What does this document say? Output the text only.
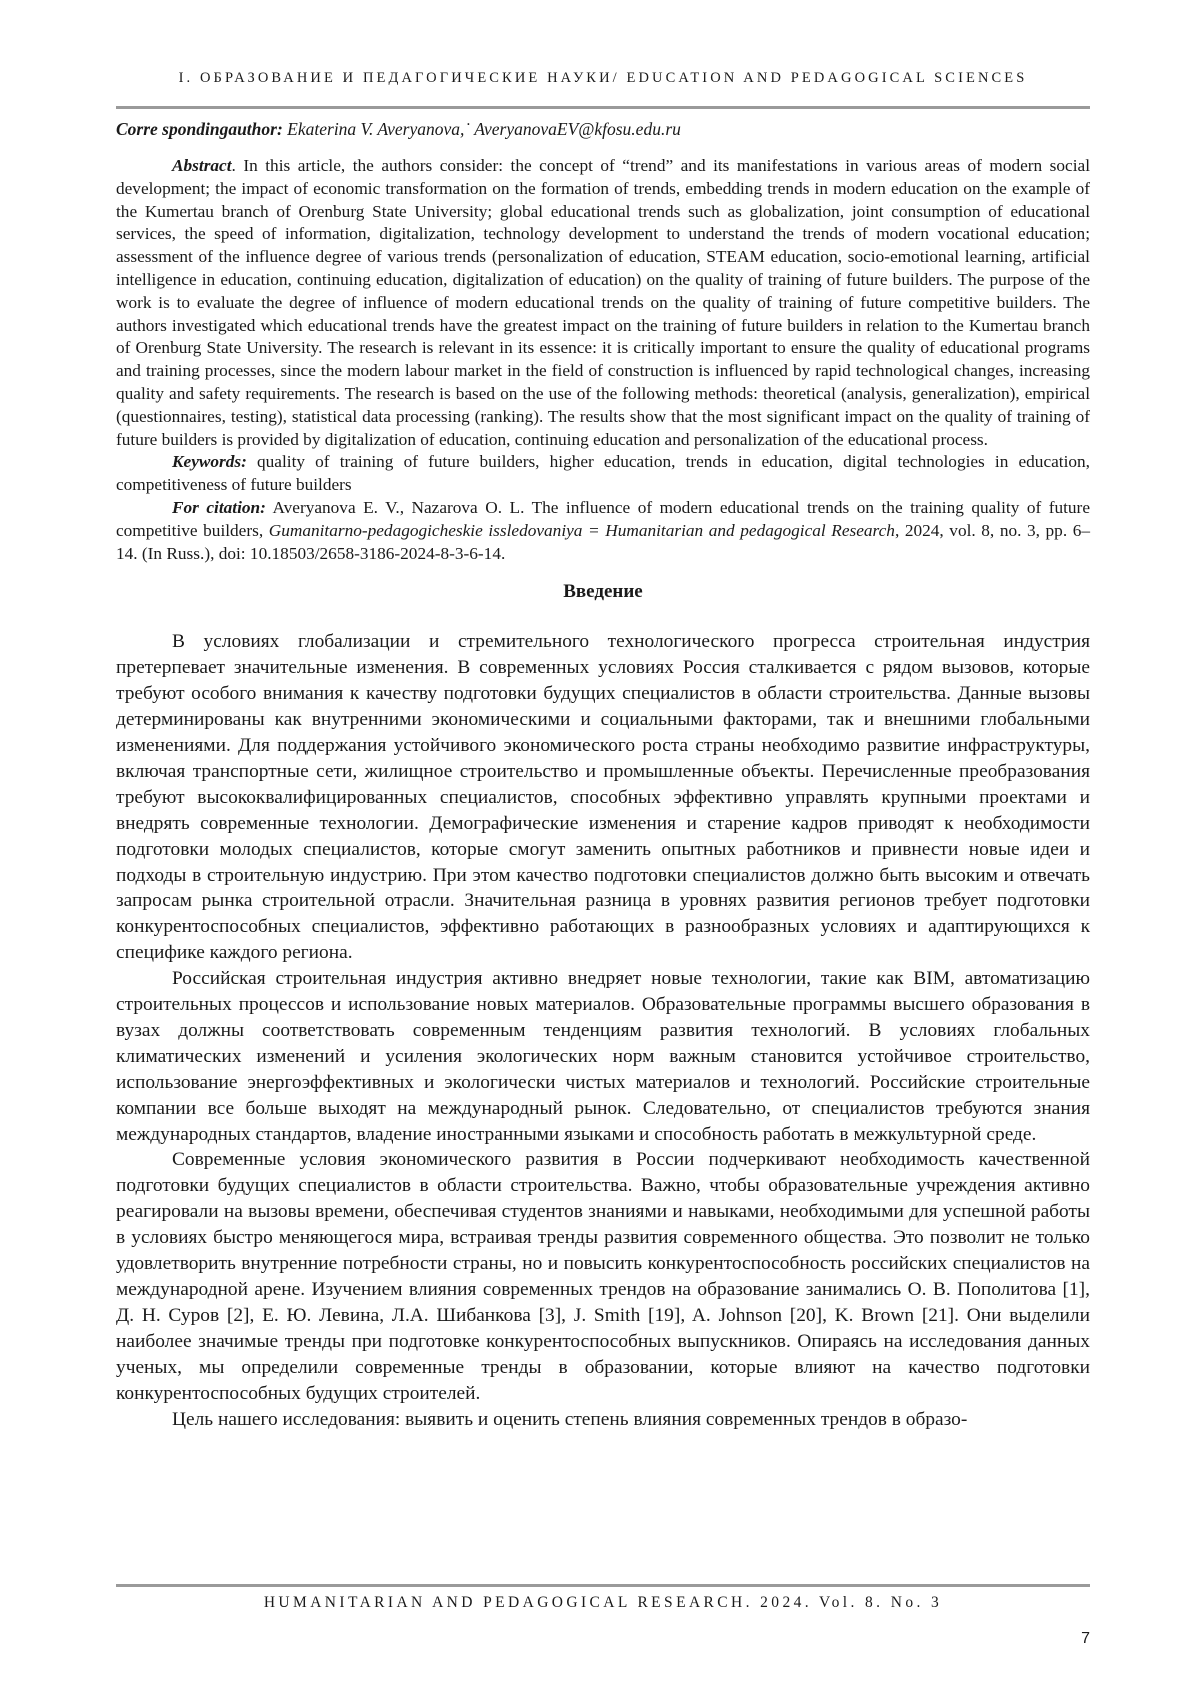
I. ОБРАЗОВАНИЕ И ПЕДАГОГИЧЕСКИЕ НАУКИ/ EDUCATION AND PEDAGOGICAL SCIENCES

Corre spondingauthor: Ekaterina V. Averyanova,˙ AveryanovaEV@kfosu.edu.ru

Abstract. In this article, the authors consider: the concept of “trend” and its manifestations in various areas of modern social development; the impact of economic transformation on the formation of trends, embedding trends in modern education on the example of the Kumertau branch of Orenburg State University; global educational trends such as globalization, joint consumption of educational services, the speed of information, digitalization, technology development to understand the trends of modern vocational education; assessment of the influence degree of various trends (personalization of education, STEAM education, socio-emotional learning, artificial intelligence in education, continuing education, digitalization of education) on the quality of training of future builders. The purpose of the work is to evaluate the degree of influence of modern educational trends on the quality of training of future competitive builders. The authors investigated which educational trends have the greatest impact on the training of future builders in relation to the Kumertau branch of Orenburg State University. The research is relevant in its essence: it is critically important to ensure the quality of educational programs and training processes, since the modern labour market in the field of construction is influenced by rapid technological changes, increasing quality and safety requirements. The research is based on the use of the following methods: theoretical (analysis, generalization), empirical (questionnaires, testing), statistical data processing (ranking). The results show that the most significant impact on the quality of training of future builders is provided by digitalization of education, continuing education and personalization of the educational process.

Keywords: quality of training of future builders, higher education, trends in education, digital technologies in education, competitiveness of future builders

For citation: Averyanova E. V., Nazarova O. L. The influence of modern educational trends on the training quality of future competitive builders, Gumanitarno-pedagogicheskie issledovaniya = Humanitarian and pedagogical Research, 2024, vol. 8, no. 3, pp. 6–14. (In Russ.), doi: 10.18503/2658-3186-2024-8-3-6-14.

Введение

В условиях глобализации и стремительного технологического прогресса строительная индустрия претерпевает значительные изменения. В современных условиях Россия сталкивается с рядом вызовов, которые требуют особого внимания к качеству подготовки будущих специалистов в области строительства. Данные вызовы детерминированы как внутренними экономическими и социальными факторами, так и внешними глобальными изменениями. Для поддержания устойчивого экономического роста страны необходимо развитие инфраструктуры, включая транспортные сети, жилищное строительство и промышленные объекты. Перечисленные преобразования требуют высококвалифицированных специалистов, способных эффективно управлять крупными проектами и внедрять современные технологии. Демографические изменения и старение кадров приводят к необходимости подготовки молодых специалистов, которые смогут заменить опытных работников и привнести новые идеи и подходы в строительную индустрию. При этом качество подготовки специалистов должно быть высоким и отвечать запросам рынка строительной отрасли. Значительная разница в уровнях развития регионов требует подготовки конкурентоспособных специалистов, эффективно работающих в разнообразных условиях и адаптирующихся к специфике каждого региона.

Российская строительная индустрия активно внедряет новые технологии, такие как BIM, автоматизацию строительных процессов и использование новых материалов. Образовательные программы высшего образования в вузах должны соответствовать современным тенденциям развития технологий. В условиях глобальных климатических изменений и усиления экологических норм важным становится устойчивое строительство, использование энергоэффективных и экологически чистых материалов и технологий. Российские строительные компании все больше выходят на международный рынок. Следовательно, от специалистов требуются знания международных стандартов, владение иностранными языками и способность работать в межкультурной среде.

Современные условия экономического развития в России подчеркивают необходимость качественной подготовки будущих специалистов в области строительства. Важно, чтобы образовательные учреждения активно реагировали на вызовы времени, обеспечивая студентов знаниями и навыками, необходимыми для успешной работы в условиях быстро меняющегося мира, встраивая тренды развития современного общества. Это позволит не только удовлетворить внутренние потребности страны, но и повысить конкурентоспособность российских специалистов на международной арене. Изучением влияния современных трендов на образование занимались О. В. Пополитова [1], Д. Н. Суров [2], Е. Ю. Левина, Л.А. Шибанкова [3], J. Smith [19], A. Johnson [20], K. Brown [21]. Они выделили наиболее значимые тренды при подготовке конкурентоспособных выпускников. Опираясь на исследования данных ученых, мы определили современные тренды в образовании, которые влияют на качество подготовки конкурентоспособных будущих строителей.

Цель нашего исследования: выявить и оценить степень влияния современных трендов в образо-

HUMANITARIAN AND PEDAGOGICAL RESEARCH. 2024. Vol. 8. No. 3
7
